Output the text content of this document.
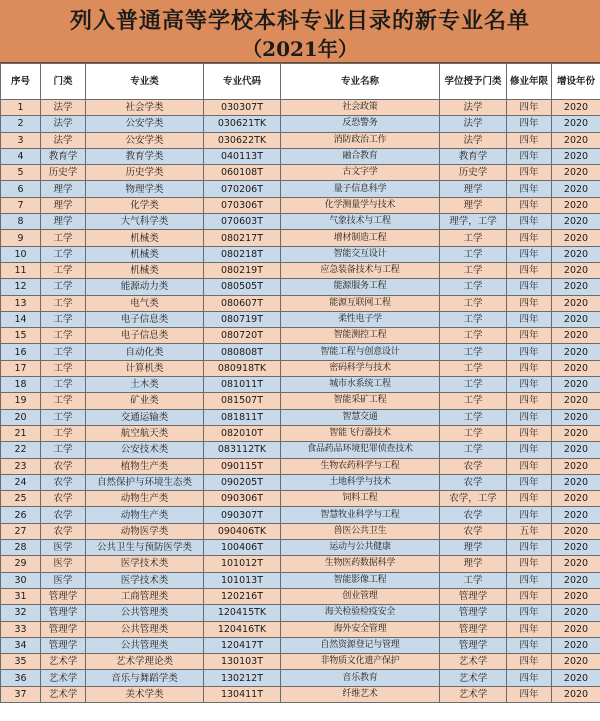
列入普通高等学校本科专业目录的新专业名单
（2021年）
序号	门类	专业类	专业代码	专业名称	学位授予门类	修业年限	增设年份
1	法学	社会学类	030307T	社会政策	法学	四年	2020
2	法学	公安学类	030621TK	反恐警务	法学	四年	2020
3	法学	公安学类	030622TK	消防政治工作	法学	四年	2020
4	教育学	教育学类	040113T	融合教育	教育学	四年	2020
5	历史学	历史学类	060108T	古文字学	历史学	四年	2020
6	理学	物理学类	070206T	量子信息科学	理学	四年	2020
7	理学	化学类	070306T	化学测量学与技术	理学	四年	2020
8	理学	大气科学类	070603T	气象技术与工程	理学，工学	四年	2020
9	工学	机械类	080217T	增材制造工程	工学	四年	2020
10	工学	机械类	080218T	智能交互设计	工学	四年	2020
11	工学	机械类	080219T	应急装备技术与工程	工学	四年	2020
12	工学	能源动力类	080505T	能源服务工程	工学	四年	2020
13	工学	电气类	080607T	能源互联网工程	工学	四年	2020
14	工学	电子信息类	080719T	柔性电子学	工学	四年	2020
15	工学	电子信息类	080720T	智能测控工程	工学	四年	2020
16	工学	自动化类	080808T	智能工程与创意设计	工学	四年	2020
17	工学	计算机类	080918TK	密码科学与技术	工学	四年	2020
18	工学	土木类	081011T	城市水系统工程	工学	四年	2020
19	工学	矿业类	081507T	智能采矿工程	工学	四年	2020
20	工学	交通运输类	081811T	智慧交通	工学	四年	2020
21	工学	航空航天类	082010T	智能飞行器技术	工学	四年	2020
22	工学	公安技术类	083112TK	食品药品环境犯罪侦查技术	工学	四年	2020
23	农学	植物生产类	090115T	生物农药科学与工程	农学	四年	2020
24	农学	自然保护与环境生态类	090205T	土地科学与技术	农学	四年	2020
25	农学	动物生产类	090306T	饲料工程	农学，工学	四年	2020
26	农学	动物生产类	090307T	智慧牧业科学与工程	农学	四年	2020
27	农学	动物医学类	090406TK	兽医公共卫生	农学	五年	2020
28	医学	公共卫生与预防医学类	100406T	运动与公共健康	理学	四年	2020
29	医学	医学技术类	101012T	生物医药数据科学	理学	四年	2020
30	医学	医学技术类	101013T	智能影像工程	工学	四年	2020
31	管理学	工商管理类	120216T	创业管理	管理学	四年	2020
32	管理学	公共管理类	120415TK	海关检验检疫安全	管理学	四年	2020
33	管理学	公共管理类	120416TK	海外安全管理	管理学	四年	2020
34	管理学	公共管理类	120417T	自然资源登记与管理	管理学	四年	2020
35	艺术学	艺术学理论类	130103T	非物质文化遗产保护	艺术学	四年	2020
36	艺术学	音乐与舞蹈学类	130212T	音乐教育	艺术学	四年	2020
37	艺术学	美术学类	130411T	纤维艺术	艺术学	四年	2020
